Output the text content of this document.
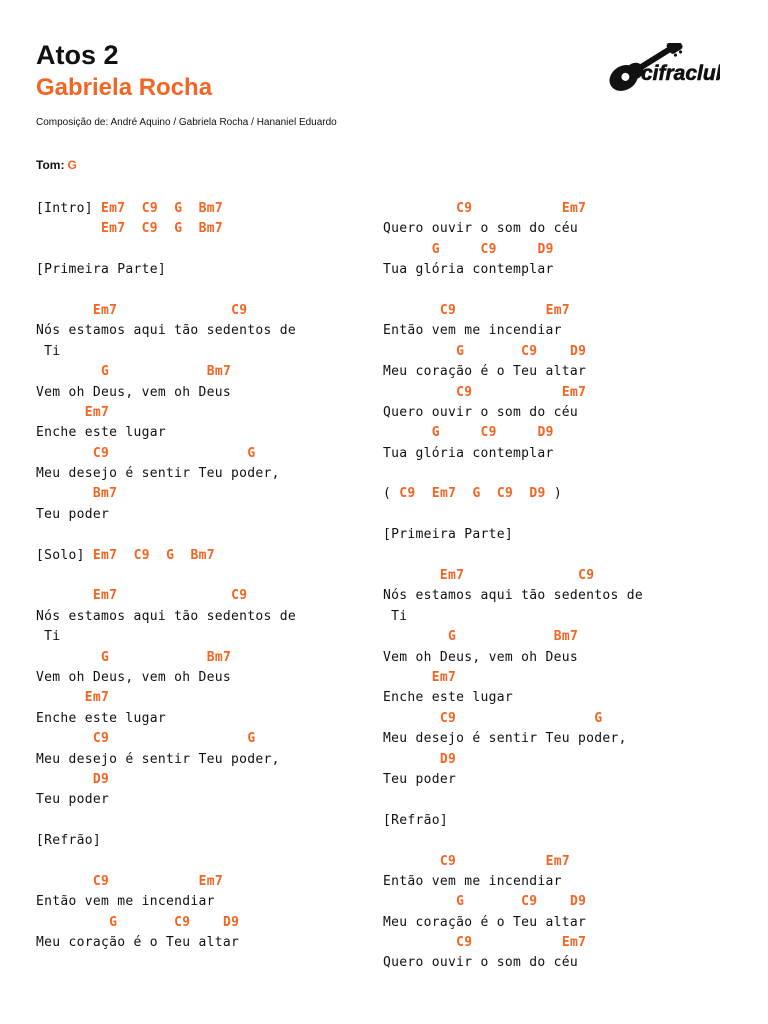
Atos 2
Gabriela Rocha
Composição de: André Aquino / Gabriela Rocha / Hananiel Eduardo
Tom: G
cifraclub
[Intro] Em7 C9 G Bm7
Em7 C9 G Bm7
[Primeira Parte]
Em7	C9
Nós estamos aqui tão sedentos de
Ti
G	Bm7
Vem oh Deus, vem oh Deus
Em7
Enche este lugar
C9	G
Meu desejo é sentir Teu poder,
Bm7
Teu poder
[Solo] Em7 C9 G Bm7
Em7	C9
Nós estamos aqui tão sedentos de
Ti
G	Bm7
Vem oh Deus, vem oh Deus
Em7
Enche este lugar
C9	G
Meu desejo é sentir Teu poder,
D9
Teu poder
[Refrão]
C9	Em7
Então vem me incendiar
G	C9	D9
Meu coração é o Teu altar
C9	Em7
Quero ouvir o som do céu
G	C9	D9
Tua glória contemplar
C9	Em7
Então vem me incendiar
G	C9	D9
Meu coração é o Teu altar
C9	Em7
Quero ouvir o som do céu
G	C9	D9
Tua glória contemplar
( C9 Em7 G C9 D9 )
[Primeira Parte]
Em7	C9
Nós estamos aqui tão sedentos de
Ti
G	Bm7
Vem oh Deus, vem oh Deus
Em7
Enche este lugar
C9	G
Meu desejo é sentir Teu poder,
D9
Teu poder
[Refrão]
C9	Em7
Então vem me incendiar
G	C9	D9
Meu coração é o Teu altar
C9	Em7
Quero ouvir o som do céu
